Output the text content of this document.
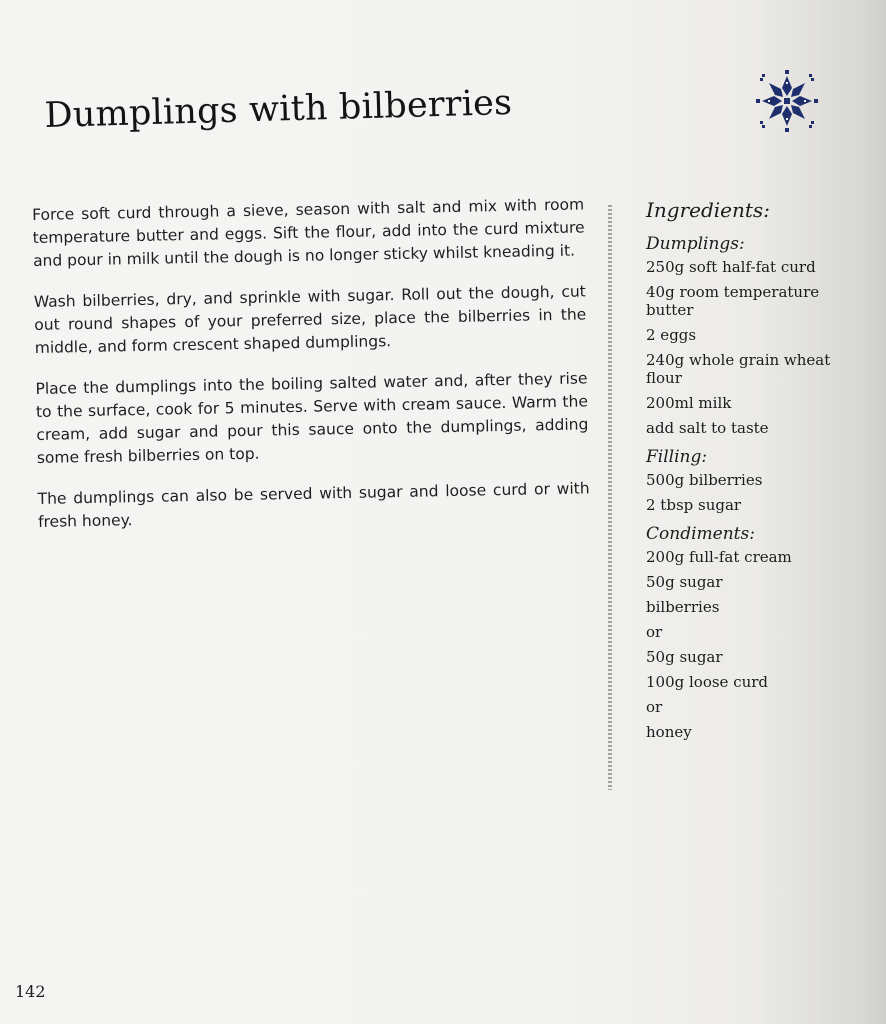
Dumplings with bilberries

Force soft curd through a sieve, season with salt and mix with room temperature butter and eggs. Sift the flour, add into the curd mixture and pour in milk until the dough is no longer sticky whilst kneading it.

Wash bilberries, dry, and sprinkle with sugar. Roll out the dough, cut out round shapes of your preferred size, place the bilberries in the middle, and form crescent shaped dumplings.

Place the dumplings into the boiling salted water and, after they rise to the surface, cook for 5 minutes. Serve with cream sauce. Warm the cream, add sugar and pour this sauce onto the dumplings, adding some fresh bilberries on top.

The dumplings can also be served with sugar and loose curd or with fresh honey.

Ingredients:
Dumplings:
250g soft half-fat curd
40g room temperature butter
2 eggs
240g whole grain wheat flour
200ml milk
add salt to taste
Filling:
500g bilberries
2 tbsp sugar
Condiments:
200g full-fat cream
50g sugar
bilberries
or
50g sugar
100g loose curd
or
honey
142
